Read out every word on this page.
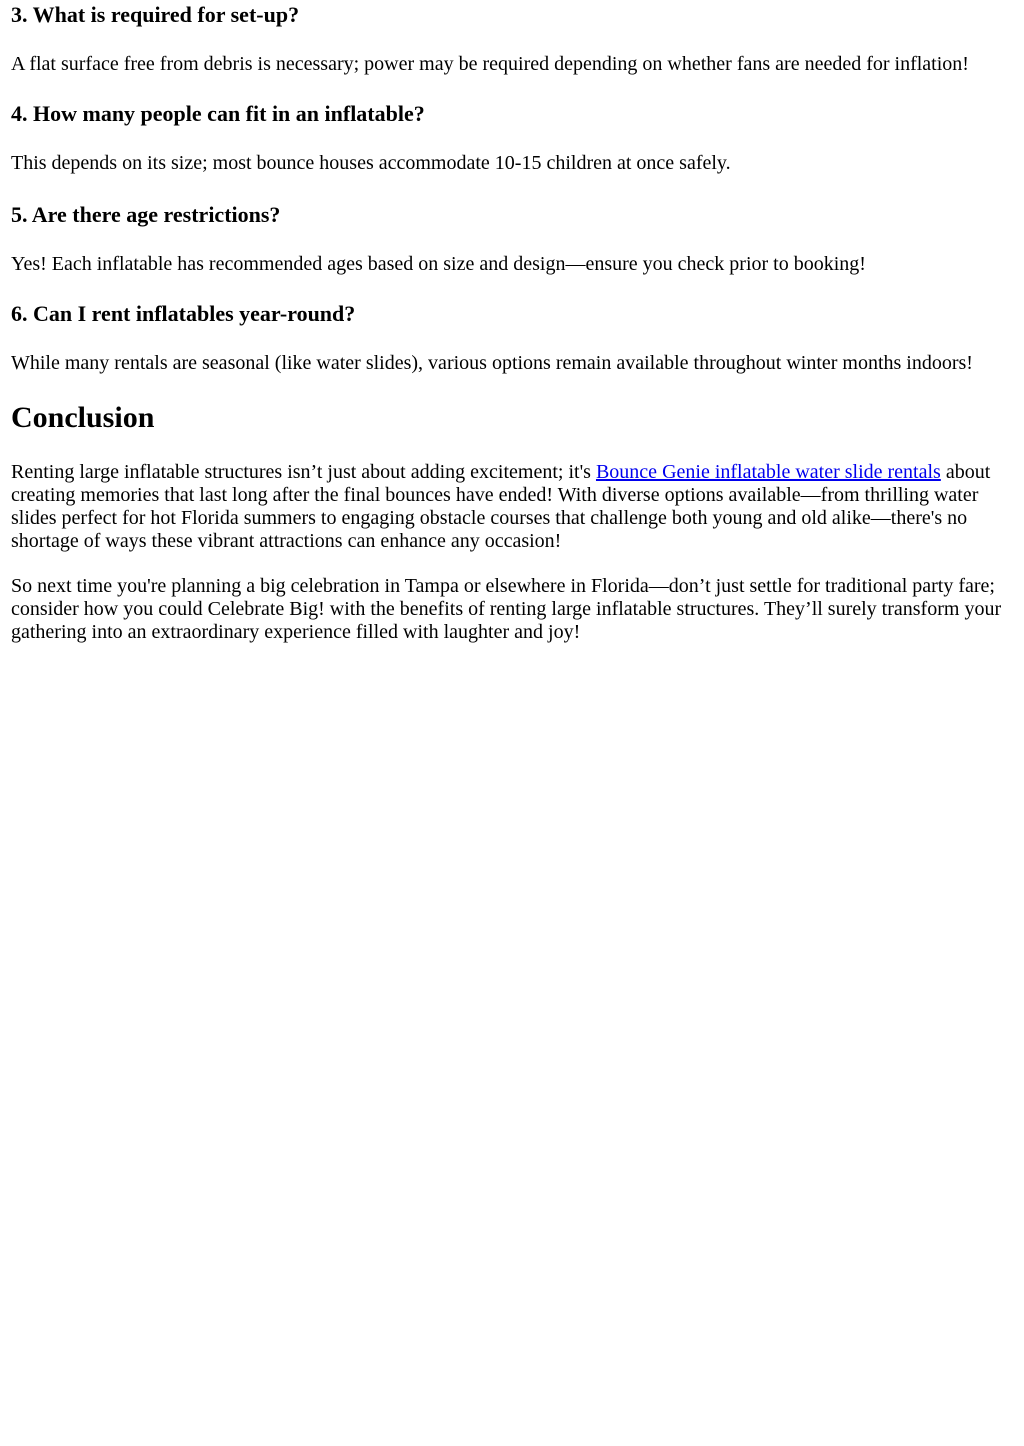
3. What is required for set-up?

A flat surface free from debris is necessary; power may be required depending on whether fans are needed for inflation!

4. How many people can fit in an inflatable?

This depends on its size; most bounce houses accommodate 10-15 children at once safely.

5. Are there age restrictions?

Yes! Each inflatable has recommended ages based on size and design—ensure you check prior to booking!

6. Can I rent inflatables year-round?

While many rentals are seasonal (like water slides), various options remain available throughout winter months indoors!

Conclusion

Renting large inflatable structures isn’t just about adding excitement; it's Bounce Genie inflatable water slide rentals about creating memories that last long after the final bounces have ended! With diverse options available—from thrilling water slides perfect for hot Florida summers to engaging obstacle courses that challenge both young and old alike—there's no shortage of ways these vibrant attractions can enhance any occasion!

So next time you're planning a big celebration in Tampa or elsewhere in Florida—don’t just settle for traditional party fare; consider how you could Celebrate Big! with the benefits of renting large inflatable structures. They’ll surely transform your gathering into an extraordinary experience filled with laughter and joy!
